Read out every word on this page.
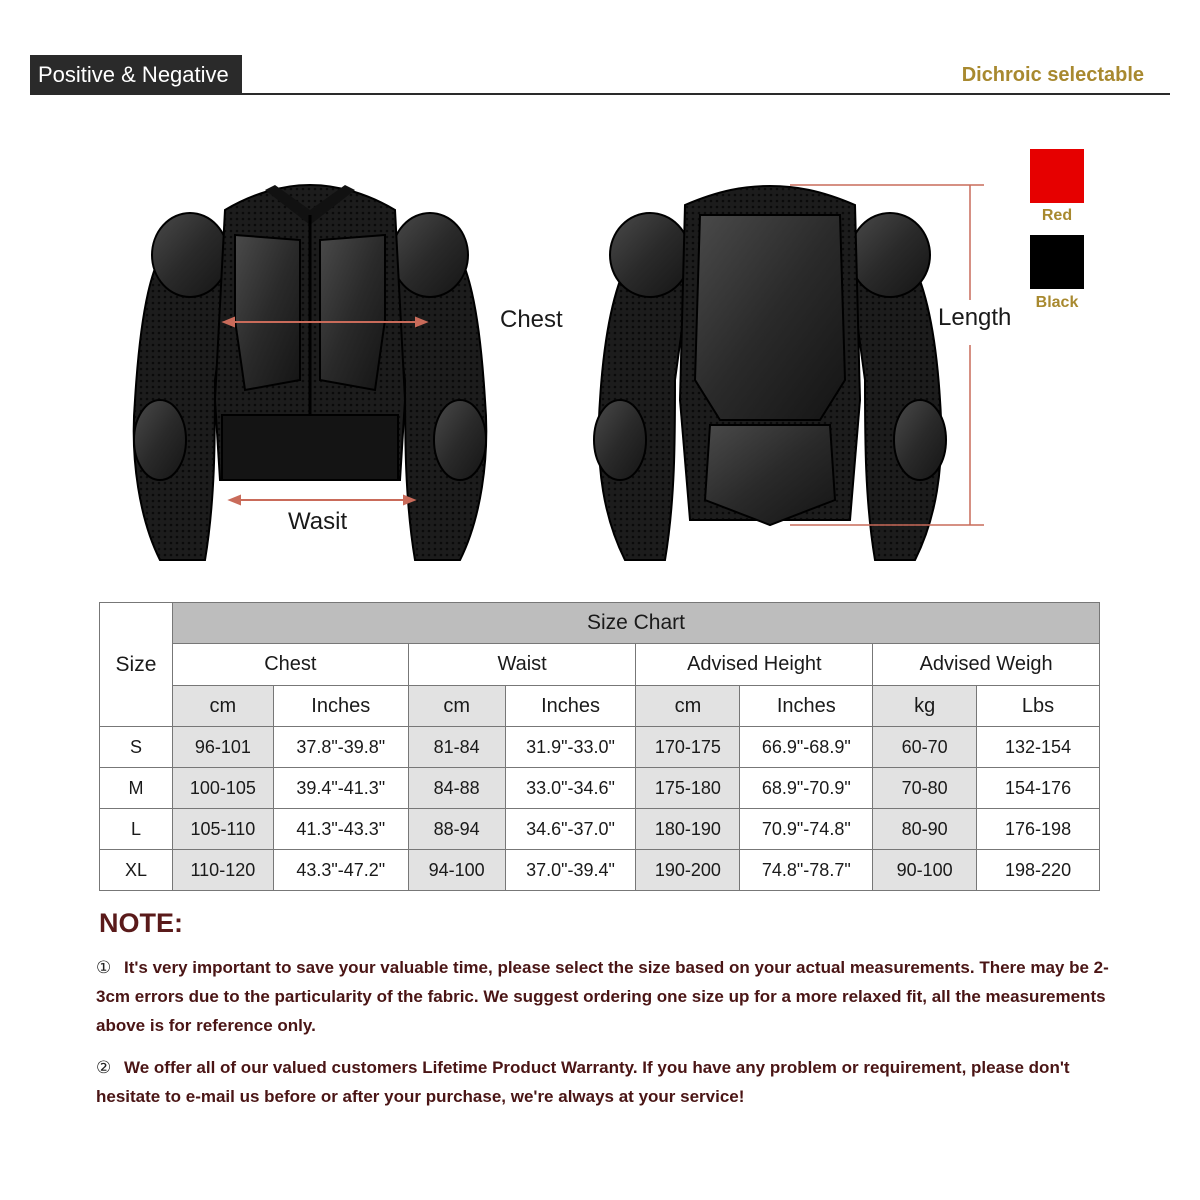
Positive & Negative	Dichroic selectable
Chest
Wasit
Length
Red
Black
Size	Size Chart							
	Chest		Waist		Advised Height		Advised Weigh	
	cm	Inches	cm	Inches	cm	Inches	kg	Lbs
S	96-101	37.8"-39.8"	81-84	31.9"-33.0"	170-175	66.9"-68.9"	60-70	132-154
M	100-105	39.4"-41.3"	84-88	33.0"-34.6"	175-180	68.9"-70.9"	70-80	154-176
L	105-110	41.3"-43.3"	88-94	34.6"-37.0"	180-190	70.9"-74.8"	80-90	176-198
XL	110-120	43.3"-47.2"	94-100	37.0"-39.4"	190-200	74.8"-78.7"	90-100	198-220
NOTE:
① It's very important to save your valuable time, please select the size based on your actual measurements. There may be 2-3cm errors due to the particularity of the fabric. We suggest ordering one size up for a more relaxed fit, all the measurements above is for reference only.
② We offer all of our valued customers Lifetime Product Warranty. If you have any problem or requirement, please don't hesitate to e-mail us before or after your purchase, we're always at your service!
